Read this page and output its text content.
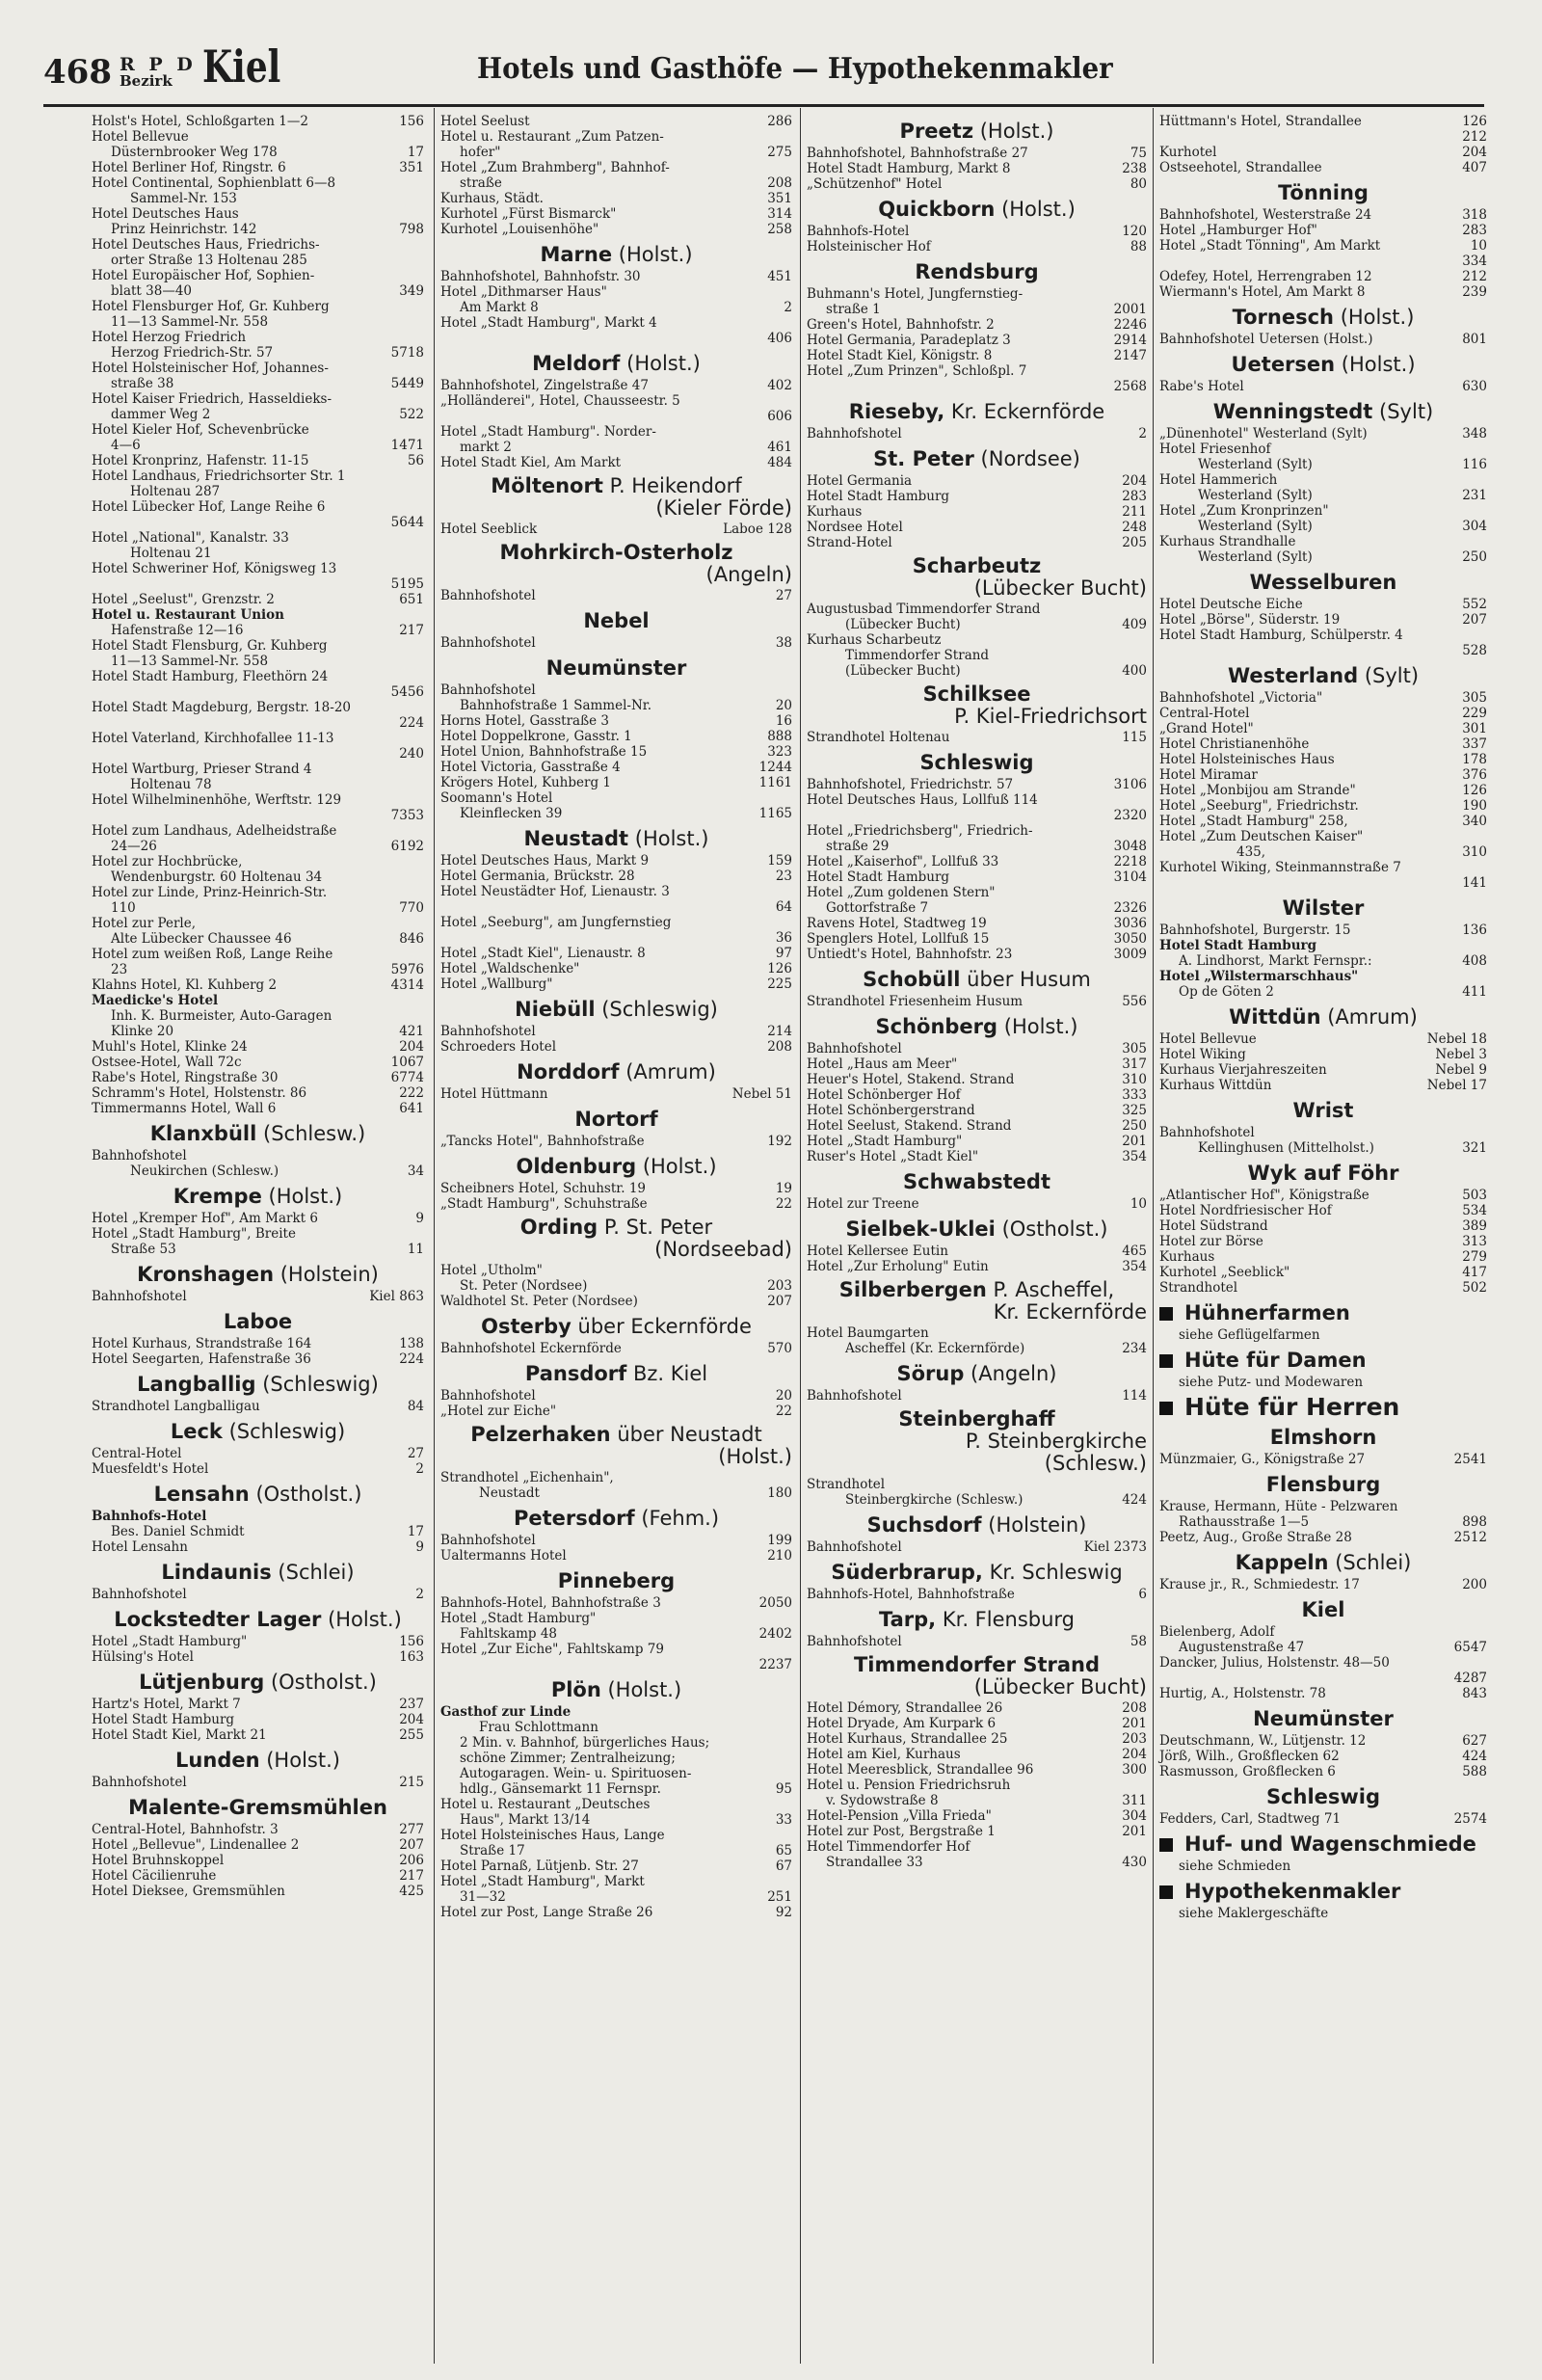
468 R P D
Bezirk Kiel	Hotels und Gasthöfe — Hypothekenmakler
Holst's Hotel, Schloßgarten 1—2	156
Hotel Bellevue
Düsternbrooker Weg 178	17
Hotel Berliner Hof, Ringstr. 6	351
Hotel Continental, Sophienblatt 6—8
Sammel-Nr. 153
Hotel Deutsches Haus
Prinz Heinrichstr. 142	798
Hotel Deutsches Haus, Friedrichs-
orter Straße 13 Holtenau 285
Hotel Europäischer Hof, Sophien-
blatt 38—40	349
Hotel Flensburger Hof, Gr. Kuhberg
11—13 Sammel-Nr. 558
Hotel Herzog Friedrich
Herzog Friedrich-Str. 57	5718
Hotel Holsteinischer Hof, Johannes-
straße 38	5449
Hotel Kaiser Friedrich, Hasseldieks-
dammer Weg 2	522
Hotel Kieler Hof, Schevenbrücke
4—6	1471
Hotel Kronprinz, Hafenstr. 11-15	56
Hotel Landhaus, Friedrichsorter Str. 1
Holtenau 287
Hotel Lübecker Hof, Lange Reihe 6
5644
Hotel „National", Kanalstr. 33
Holtenau 21
Hotel Schweriner Hof, Königsweg 13
5195
Hotel „Seelust", Grenzstr. 2	651
Hotel u. Restaurant Union
Hafenstraße 12—16	217
Hotel Stadt Flensburg, Gr. Kuhberg
11—13 Sammel-Nr. 558
Hotel Stadt Hamburg, Fleethörn 24
5456
Hotel Stadt Magdeburg, Bergstr. 18-20
224
Hotel Vaterland, Kirchhofallee 11-13
240
Hotel Wartburg, Prieser Strand 4
Holtenau 78
Hotel Wilhelminenhöhe, Werftstr. 129
7353
Hotel zum Landhaus, Adelheidstraße
24—26	6192
Hotel zur Hochbrücke,
Wendenburgstr. 60 Holtenau 34
Hotel zur Linde, Prinz-Heinrich-Str.
110	770
Hotel zur Perle,
Alte Lübecker Chaussee 46	846
Hotel zum weißen Roß, Lange Reihe
23	5976
Klahns Hotel, Kl. Kuhberg 2	4314
Maedicke's Hotel
Inh. K. Burmeister, Auto-Garagen
Klinke 20	421
Muhl's Hotel, Klinke 24	204
Ostsee-Hotel, Wall 72c	1067
Rabe's Hotel, Ringstraße 30	6774
Schramm's Hotel, Holstenstr. 86	222
Timmermanns Hotel, Wall 6	641
Klanxbüll (Schlesw.)
Bahnhofshotel
Neukirchen (Schlesw.)	34
Krempe (Holst.)
Hotel „Kremper Hof", Am Markt 6	9
Hotel „Stadt Hamburg", Breite
Straße 53	11
Kronshagen (Holstein)
Bahnhofshotel	Kiel 863
Laboe
Hotel Kurhaus, Strandstraße 164	138
Hotel Seegarten, Hafenstraße 36	224
Langballig (Schleswig)
Strandhotel Langballigau	84
Leck (Schleswig)
Central-Hotel	27
Muesfeldt's Hotel	2
Lensahn (Ostholst.)
Bahnhofs-Hotel
Bes. Daniel Schmidt	17
Hotel Lensahn	9
Lindaunis (Schlei)
Bahnhofshotel	2
Lockstedter Lager (Holst.)
Hotel „Stadt Hamburg"	156
Hülsing's Hotel	163
Lütjenburg (Ostholst.)
Hartz's Hotel, Markt 7	237
Hotel Stadt Hamburg	204
Hotel Stadt Kiel, Markt 21	255
Lunden (Holst.)
Bahnhofshotel	215
Malente-Gremsmühlen
Central-Hotel, Bahnhofstr. 3	277
Hotel „Bellevue", Lindenallee 2	207
Hotel Bruhnskoppel	206
Hotel Cäcilienruhe	217
Hotel Dieksee, Gremsmühlen	425
Hotel Seelust	286
Hotel u. Restaurant „Zum Patzen-
hofer"	275
Hotel „Zum Brahmberg", Bahnhof-
straße	208
Kurhaus, Städt.	351
Kurhotel „Fürst Bismarck"	314
Kurhotel „Louisenhöhe"	258
Marne (Holst.)
Bahnhofshotel, Bahnhofstr. 30	451
Hotel „Dithmarser Haus"
Am Markt 8	2
Hotel „Stadt Hamburg", Markt 4
406
Meldorf (Holst.)
Bahnhofshotel, Zingelstraße 47	402
„Holländerei", Hotel, Chausseestr. 5
606
Hotel „Stadt Hamburg". Norder-
markt 2	461
Hotel Stadt Kiel, Am Markt	484
Möltenort P. Heikendorf
(Kieler Förde)
Hotel Seeblick	Laboe 128
Mohrkirch-Osterholz
(Angeln)
Bahnhofshotel	27
Nebel
Bahnhofshotel	38
Neumünster
Bahnhofshotel
Bahnhofstraße 1 Sammel-Nr.	20
Horns Hotel, Gasstraße 3	16
Hotel Doppelkrone, Gasstr. 1	888
Hotel Union, Bahnhofstraße 15	323
Hotel Victoria, Gasstraße 4	1244
Krögers Hotel, Kuhberg 1	1161
Soomann's Hotel
Kleinflecken 39	1165
Neustadt (Holst.)
Hotel Deutsches Haus, Markt 9	159
Hotel Germania, Brückstr. 28	23
Hotel Neustädter Hof, Lienaustr. 3
64
Hotel „Seeburg", am Jungfernstieg
36
Hotel „Stadt Kiel", Lienaustr. 8	97
Hotel „Waldschenke"	126
Hotel „Wallburg"	225
Niebüll (Schleswig)
Bahnhofshotel	214
Schroeders Hotel	208
Norddorf (Amrum)
Hotel Hüttmann	Nebel 51
Nortorf
„Tancks Hotel", Bahnhofstraße	192
Oldenburg (Holst.)
Scheibners Hotel, Schuhstr. 19	19
„Stadt Hamburg", Schuhstraße	22
Ording P. St. Peter
(Nordseebad)
Hotel „Utholm"
St. Peter (Nordsee)	203
Waldhotel St. Peter (Nordsee)	207
Osterby über Eckernförde
Bahnhofshotel Eckernförde	570
Pansdorf Bz. Kiel
Bahnhofshotel	20
„Hotel zur Eiche"	22
Pelzerhaken über Neustadt
(Holst.)
Strandhotel „Eichenhain",
Neustadt	180
Petersdorf (Fehm.)
Bahnhofshotel	199
Ualtermanns Hotel	210
Pinneberg
Bahnhofs-Hotel, Bahnhofstraße 3	2050
Hotel „Stadt Hamburg"
Fahltskamp 48	2402
Hotel „Zur Eiche", Fahltskamp 79
2237
Plön (Holst.)
Gasthof zur Linde
Frau Schlottmann
2 Min. v. Bahnhof, bürgerliches Haus;
schöne Zimmer; Zentralheizung;
Autogaragen. Wein- u. Spirituosen-
hdlg., Gänsemarkt 11 Fernspr.	95
Hotel u. Restaurant „Deutsches
Haus", Markt 13/14	33
Hotel Holsteinisches Haus, Lange
Straße 17	65
Hotel Parnaß, Lütjenb. Str. 27	67
Hotel „Stadt Hamburg", Markt
31—32	251
Hotel zur Post, Lange Straße 26	92
Preetz (Holst.)
Bahnhofshotel, Bahnhofstraße 27	75
Hotel Stadt Hamburg, Markt 8	238
„Schützenhof" Hotel	80
Quickborn (Holst.)
Bahnhofs-Hotel	120
Holsteinischer Hof	88
Rendsburg
Buhmann's Hotel, Jungfernstieg-
straße 1	2001
Green's Hotel, Bahnhofstr. 2	2246
Hotel Germania, Paradeplatz 3	2914
Hotel Stadt Kiel, Königstr. 8	2147
Hotel „Zum Prinzen", Schloßpl. 7
2568
Rieseby, Kr. Eckernförde
Bahnhofshotel	2
St. Peter (Nordsee)
Hotel Germania	204
Hotel Stadt Hamburg	283
Kurhaus	211
Nordsee Hotel	248
Strand-Hotel	205
Scharbeutz
(Lübecker Bucht)
Augustusbad Timmendorfer Strand
(Lübecker Bucht)	409
Kurhaus Scharbeutz
Timmendorfer Strand
(Lübecker Bucht)	400
Schilksee
P. Kiel-Friedrichsort
Strandhotel Holtenau	115
Schleswig
Bahnhofshotel, Friedrichstr. 57	3106
Hotel Deutsches Haus, Lollfuß 114
2320
Hotel „Friedrichsberg", Friedrich-
straße 29	3048
Hotel „Kaiserhof", Lollfuß 33	2218
Hotel Stadt Hamburg	3104
Hotel „Zum goldenen Stern"
Gottorfstraße 7	2326
Ravens Hotel, Stadtweg 19	3036
Spenglers Hotel, Lollfuß 15	3050
Untiedt's Hotel, Bahnhofstr. 23	3009
Schobüll über Husum
Strandhotel Friesenheim Husum	556
Schönberg (Holst.)
Bahnhofshotel	305
Hotel „Haus am Meer"	317
Heuer's Hotel, Stakend. Strand	310
Hotel Schönberger Hof	333
Hotel Schönbergerstrand	325
Hotel Seelust, Stakend. Strand	250
Hotel „Stadt Hamburg"	201
Ruser's Hotel „Stadt Kiel"	354
Schwabstedt
Hotel zur Treene	10
Sielbek-Uklei (Ostholst.)
Hotel Kellersee Eutin	465
Hotel „Zur Erholung" Eutin	354
Silberbergen P. Ascheffel,
Kr. Eckernförde
Hotel Baumgarten
Ascheffel (Kr. Eckernförde)	234
Sörup (Angeln)
Bahnhofshotel	114
Steinberghaff
P. Steinbergkirche
(Schlesw.)
Strandhotel
Steinbergkirche (Schlesw.)	424
Suchsdorf (Holstein)
Bahnhofshotel	Kiel 2373
Süderbrarup, Kr. Schleswig
Bahnhofs-Hotel, Bahnhofstraße	6
Tarp, Kr. Flensburg
Bahnhofshotel	58
Timmendorfer Strand
(Lübecker Bucht)
Hotel Démory, Strandallee 26	208
Hotel Dryade, Am Kurpark 6	201
Hotel Kurhaus, Strandallee 25	203
Hotel am Kiel, Kurhaus	204
Hotel Meeresblick, Strandallee 96	300
Hotel u. Pension Friedrichsruh
v. Sydowstraße 8	311
Hotel-Pension „Villa Frieda"	304
Hotel zur Post, Bergstraße 1	201
Hotel Timmendorfer Hof
Strandallee 33	430
Hüttmann's Hotel, Strandallee	126
212
Kurhotel	204
Ostseehotel, Strandallee	407
Tönning
Bahnhofshotel, Westerstraße 24	318
Hotel „Hamburger Hof"	283
Hotel „Stadt Tönning", Am Markt	10
334
Odefey, Hotel, Herrengraben 12	212
Wiermann's Hotel, Am Markt 8	239
Tornesch (Holst.)
Bahnhofshotel Uetersen (Holst.)	801
Uetersen (Holst.)
Rabe's Hotel	630
Wenningstedt (Sylt)
„Dünenhotel" Westerland (Sylt)	348
Hotel Friesenhof
Westerland (Sylt)	116
Hotel Hammerich
Westerland (Sylt)	231
Hotel „Zum Kronprinzen"
Westerland (Sylt)	304
Kurhaus Strandhalle
Westerland (Sylt)	250
Wesselburen
Hotel Deutsche Eiche	552
Hotel „Börse", Süderstr. 19	207
Hotel Stadt Hamburg, Schülperstr. 4
528
Westerland (Sylt)
Bahnhofshotel „Victoria"	305
Central-Hotel	229
„Grand Hotel"	301
Hotel Christianenhöhe	337
Hotel Holsteinisches Haus	178
Hotel Miramar	376
Hotel „Monbijou am Strande"	126
Hotel „Seeburg", Friedrichstr.	190
Hotel „Stadt Hamburg" 258,	340
Hotel „Zum Deutschen Kaiser"
435,	310
Kurhotel Wiking, Steinmannstraße 7
141
Wilster
Bahnhofshotel, Burgerstr. 15	136
Hotel Stadt Hamburg
A. Lindhorst, Markt Fernspr.:	408
Hotel „Wilstermarschhaus"
Op de Göten 2	411
Wittdün (Amrum)
Hotel Bellevue	Nebel 18
Hotel Wiking	Nebel 3
Kurhaus Vierjahreszeiten	Nebel 9
Kurhaus Wittdün	Nebel 17
Wrist
Bahnhofshotel
Kellinghusen (Mittelholst.)	321
Wyk auf Föhr
„Atlantischer Hof", Königstraße	503
Hotel Nordfriesischer Hof	534
Hotel Südstrand	389
Hotel zur Börse	313
Kurhaus	279
Kurhotel „Seeblick"	417
Strandhotel	502
Hühnerfarmen
siehe Geflügelfarmen
Hüte für Damen
siehe Putz- und Modewaren
Hüte für Herren
Elmshorn
Münzmaier, G., Königstraße 27	2541
Flensburg
Krause, Hermann, Hüte - Pelzwaren
Rathausstraße 1—5	898
Peetz, Aug., Große Straße 28	2512
Kappeln (Schlei)
Krause jr., R., Schmiedestr. 17	200
Kiel
Bielenberg, Adolf
Augustenstraße 47	6547
Dancker, Julius, Holstenstr. 48—50
4287
Hurtig, A., Holstenstr. 78	843
Neumünster
Deutschmann, W., Lütjenstr. 12	627
Jörß, Wilh., Großflecken 62	424
Rasmusson, Großflecken 6	588
Schleswig
Fedders, Carl, Stadtweg 71	2574
Huf- und Wagenschmiede
siehe Schmieden
Hypothekenmakler
siehe Maklergeschäfte
